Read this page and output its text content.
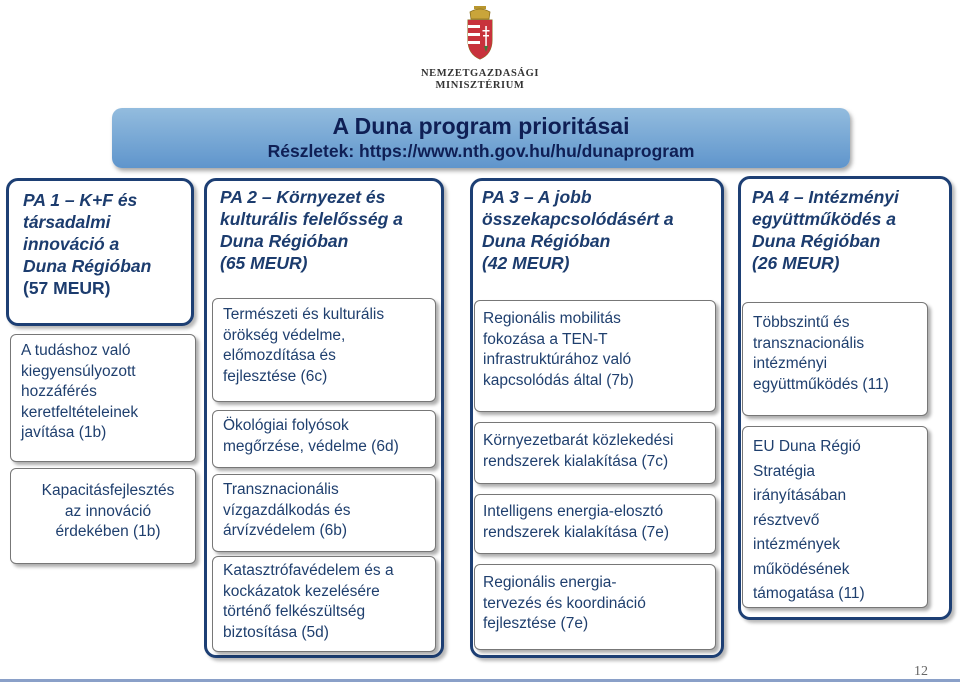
NEMZETGAZDASÁGI
MINISZTÉRIUM
A Duna program prioritásai
Részletek: https://www.nth.gov.hu/hu/dunaprogram
PA 1 – K+F és
társadalmi
innováció a
Duna Régióban
(57 MEUR)
A tudáshoz való
kiegyensúlyozott
hozzáférés
keretfeltételeinek
javítása (1b)
Kapacitásfejlesztés
az innováció
érdekében (1b)
PA 2 – Környezet és
kulturális felelősség a
Duna Régióban
(65 MEUR)
Természeti és kulturális
örökség védelme,
előmozdítása és
fejlesztése (6c)
Ökológiai folyósok
megőrzése, védelme (6d)
Transznacionális
vízgazdálkodás és
árvízvédelem (6b)
Katasztrófavédelem és a
kockázatok kezelésére
történő felkészültség
biztosítása (5d)
PA 3 – A jobb
összekapcsolódásért a
Duna Régióban
(42 MEUR)
Regionális mobilitás
fokozása a TEN-T
infrastruktúrához való
kapcsolódás által (7b)
Környezetbarát közlekedési
rendszerek kialakítása (7c)
Intelligens energia-elosztó
rendszerek kialakítása (7e)
Regionális energia-
tervezés és koordináció
fejlesztése (7e)
PA 4 – Intézményi
együttműködés a
Duna Régióban
(26 MEUR)
Többszintű és
transznacionális
intézményi
együttműködés (11)
EU Duna Régió
Stratégia
irányításában
résztvevő
intézmények
működésének
támogatása (11)
12
